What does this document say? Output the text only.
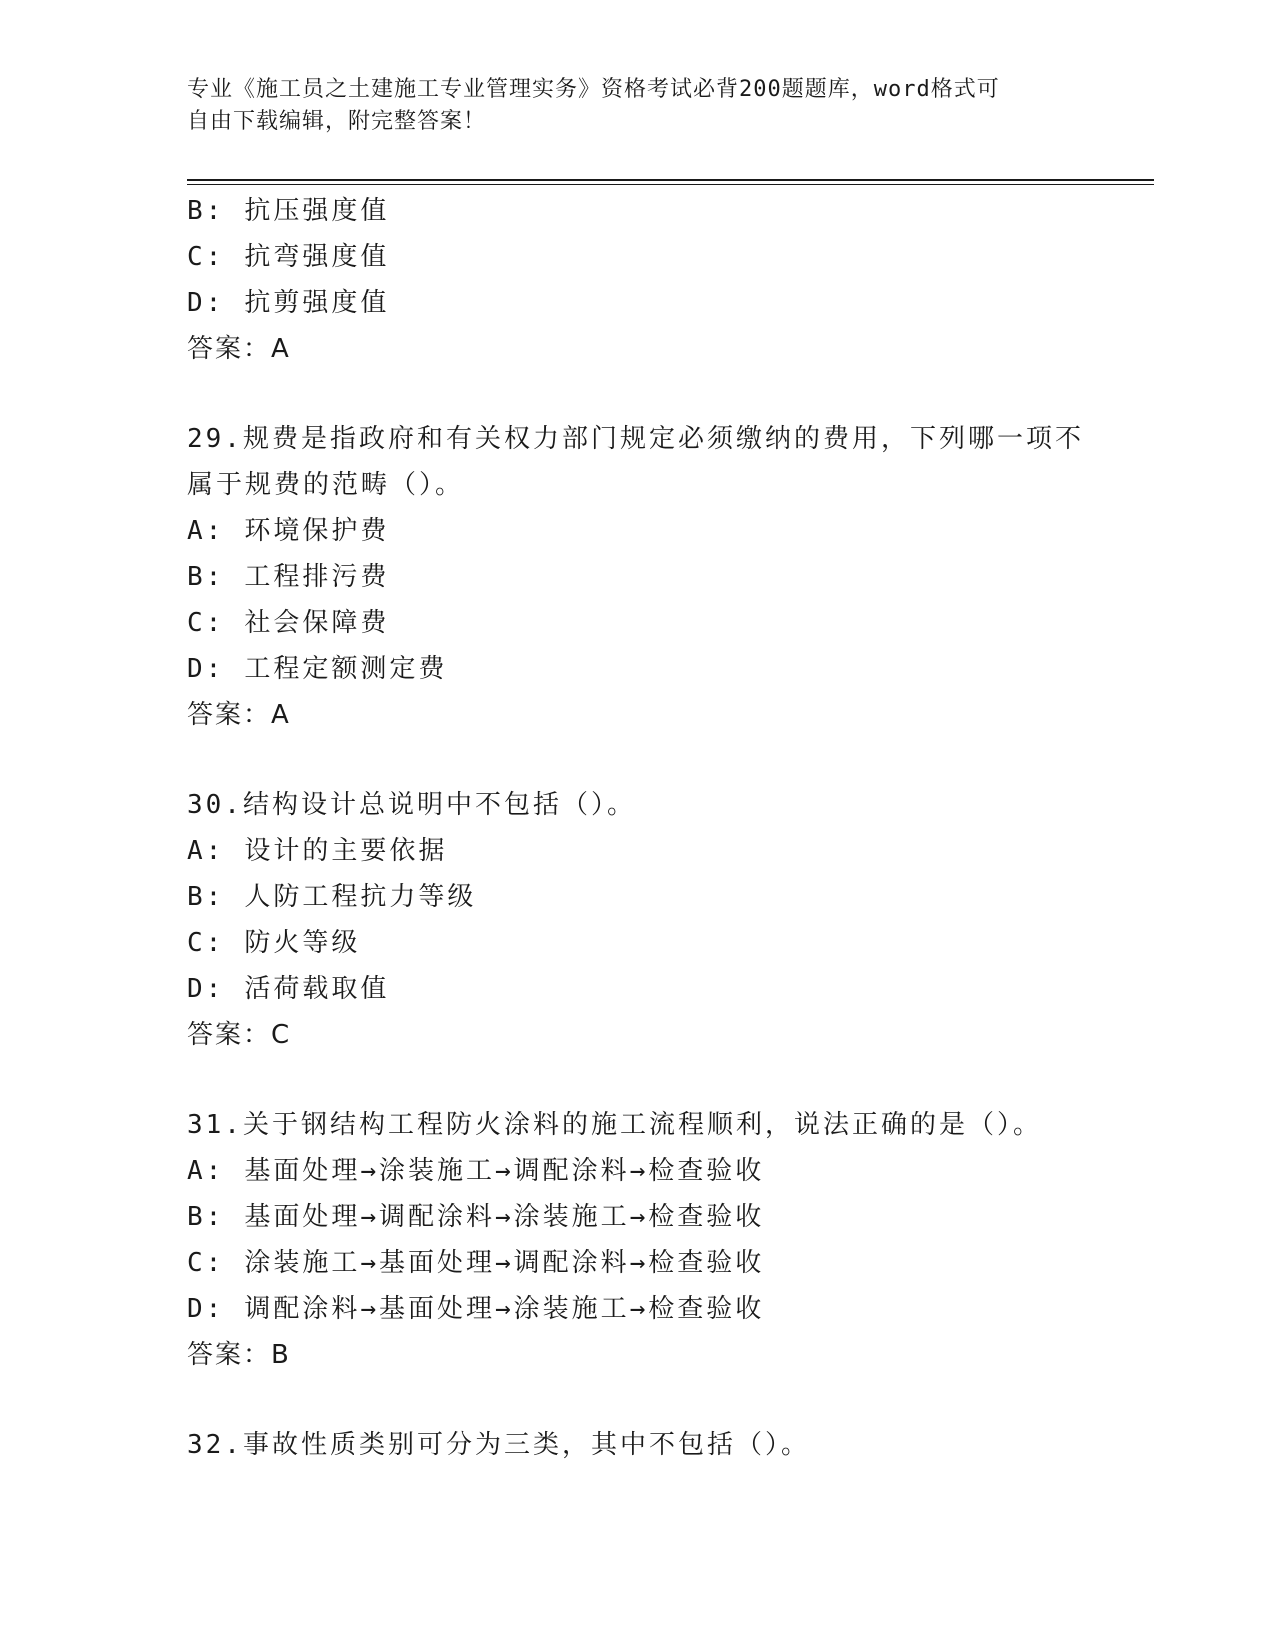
专业《施工员之土建施工专业管理实务》资格考试必背200题题库，word格式可
自由下载编辑，附完整答案！
B: 抗压强度值
C: 抗弯强度值
D: 抗剪强度值
答案：A
29.规费是指政府和有关权力部门规定必须缴纳的费用，下列哪一项不
属于规费的范畴（）。
A: 环境保护费
B: 工程排污费
C: 社会保障费
D: 工程定额测定费
答案：A
30.结构设计总说明中不包括（）。
A: 设计的主要依据
B: 人防工程抗力等级
C: 防火等级
D: 活荷载取值
答案：C
31.关于钢结构工程防火涂料的施工流程顺利，说法正确的是（）。
A: 基面处理→涂装施工→调配涂料→检查验收
B: 基面处理→调配涂料→涂装施工→检查验收
C: 涂装施工→基面处理→调配涂料→检查验收
D: 调配涂料→基面处理→涂装施工→检查验收
答案：B
32.事故性质类别可分为三类，其中不包括（）。
